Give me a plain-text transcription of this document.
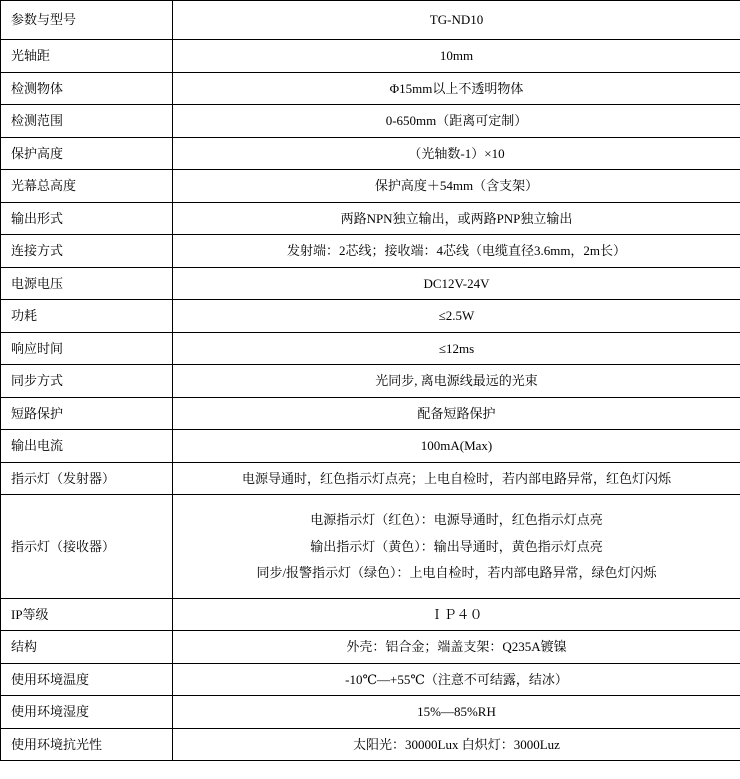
参数与型号	TG-ND10

光轴距	10mm

检测物体	Φ15mm以上不透明物体

检测范围	0-650mm（距离可定制）

保护高度	（光轴数-1）×10

光幕总高度	保护高度＋54mm（含支架）

输出形式	两路NPN独立输出，或两路PNP独立输出

连接方式	发射端：2芯线；接收端：4芯线（电缆直径3.6mm，2m长）

电源电压	DC12V-24V

功耗	≤2.5W

响应时间	≤12ms

同步方式	光同步, 离电源线最远的光束

短路保护	配备短路保护

输出电流	100mA(Max)

指示灯（发射器）	电源导通时，红色指示灯点亮；上电自检时，若内部电路异常，红色灯闪烁

指示灯（接收器）	电源指示灯（红色）：电源导通时，红色指示灯点亮
输出指示灯（黄色）：输出导通时，黄色指示灯点亮
同步/报警指示灯（绿色）：上电自检时，若内部电路异常，绿色灯闪烁

IP等级	ＩＰ４０

结构	外壳：铝合金；端盖支架：Q235A镀镍

使用环境温度	-10℃—+55℃（注意不可结露，结冰）

使用环境湿度	15%—85%RH

使用环境抗光性	太阳光：30000Lux 白炽灯：3000Luz
